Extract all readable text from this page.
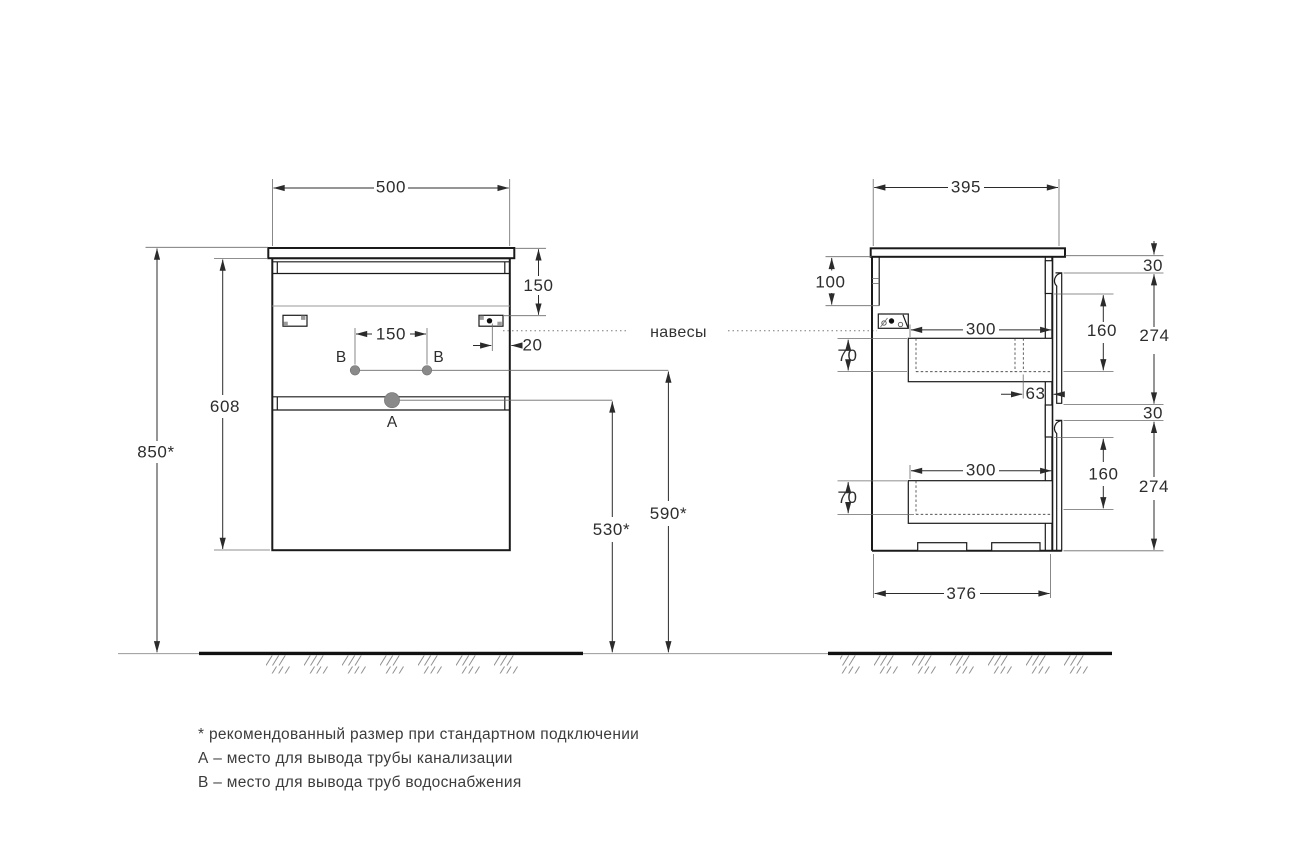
B	B
A
500
150
20
150
608
850*
530*
590*
навесы
395
100
300
70
63
300
70
160
160
30
274
30
274
376
* рекомендованный размер при стандартном подключении
А – место для вывода трубы канализации
В – место для вывода труб водоснабжения
